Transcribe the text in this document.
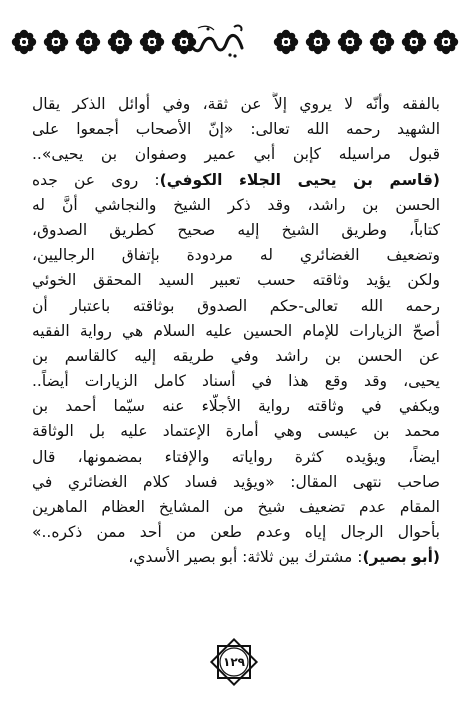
بالفقه وأنّه لا يروي إلاَّ عن ثقة، وفي أوائل الذكر يقال
الشهيد رحمه الله تعالى: «إنّ الأصحاب أجمعوا على
قبول مراسيله كإبن أبي عمير وصفوان بن يحيى»..
(قاسم بن يحيى الجلاء الكوفي): روى عن جده
الحسن بن راشد، وقد ذكر الشيخ والنجاشي أنَّ له
كتاباً، وطريق الشيخ إليه صحيح كطريق الصدوق،
وتضعيف الغضائري له مردودة بإتفاق الرجاليين،
ولكن يؤيد وثاقته حسب تعبير السيد المحقق الخوئي
رحمه الله تعالى-حكم الصدوق بوثاقته باعتبار أن
أصحّ الزيارات للإمام الحسين عليه السلام هي رواية الفقيه
عن الحسن بن راشد وفي طريقه إليه كالقاسم بن
يحيى، وقد وقع هذا في أسناد كامل الزيارات أيضاً..
ويكفي في وثاقته رواية الأجلّاء عنه سيّما أحمد بن
محمد بن عيسى وهي أمارة الإعتماد عليه بل الوثاقة
ايضاً، ويؤيده كثرة رواياته والإفتاء بمضمونها، قال
صاحب نتهى المقال: «ويؤيد فساد كلام الغضائري في
المقام عدم تضعيف شيخ من المشايخ العظام الماهرين
بأحوال الرجال إياه وعدم طعن من أحد ممن ذكره..»
(أبو بصير): مشترك بين ثلاثة: أبو بصير الأسدي،
١٢٩
